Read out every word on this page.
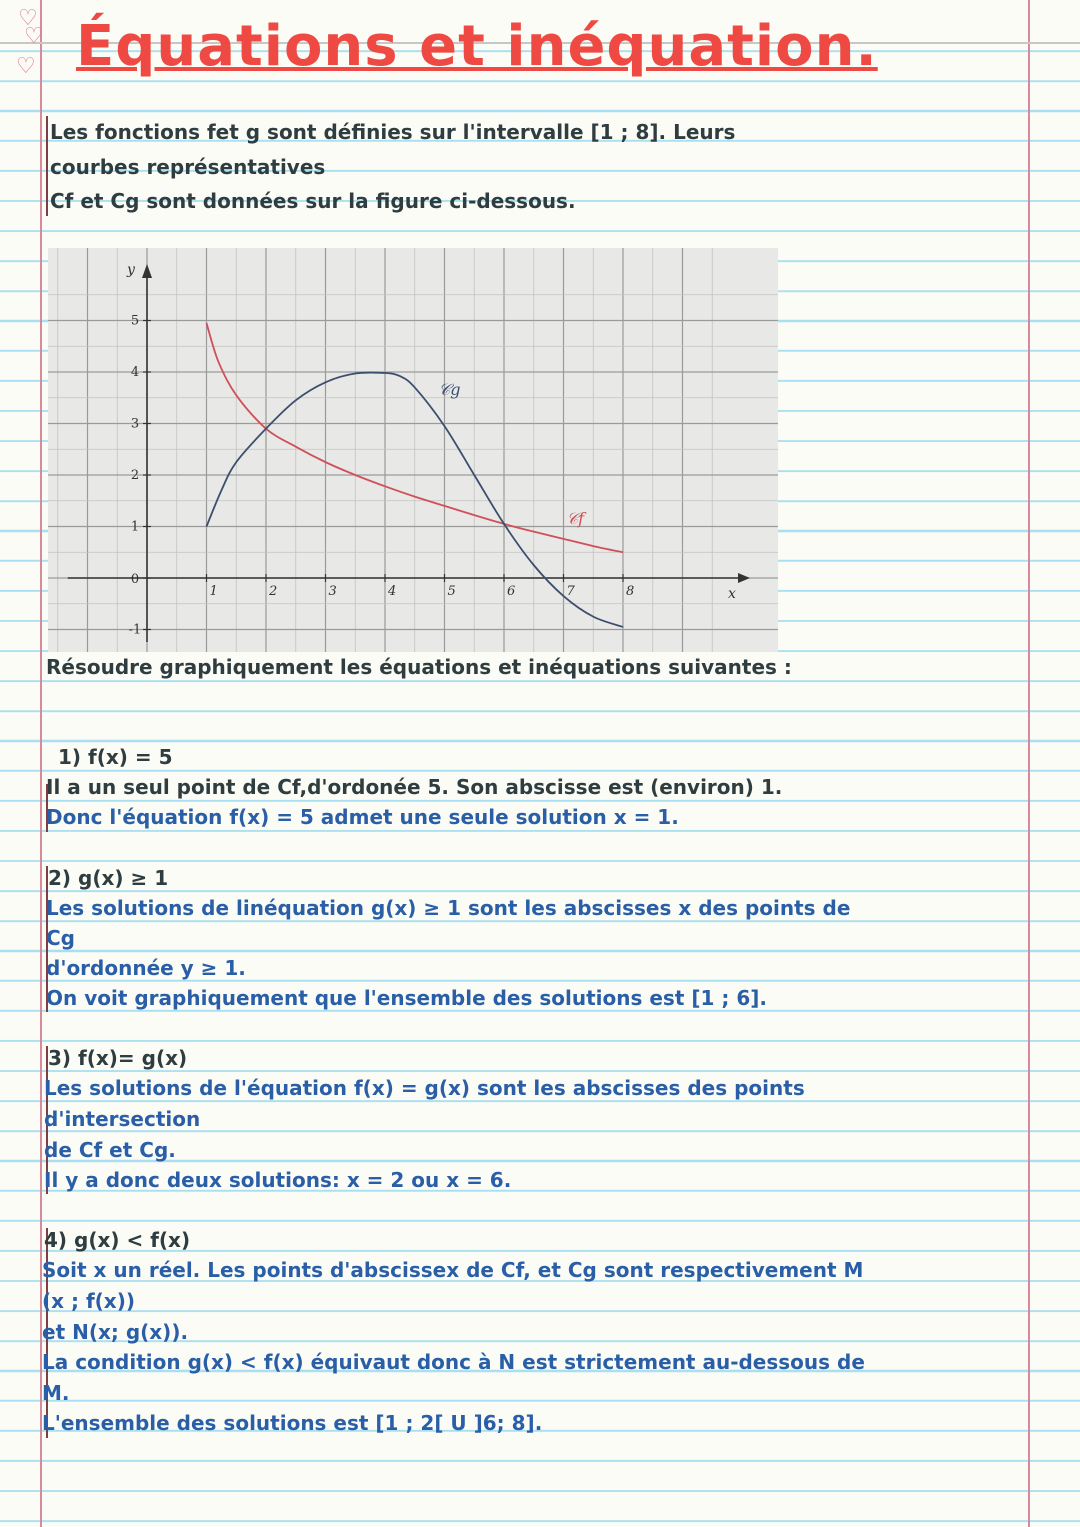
♡
♡
♡ Équations et inéquation.

Les fonctions fet g sont définies sur l'intervalle [1 ; 8]. Leurs

courbes représentatives

Cf et Cg sont données sur la figure ci-dessous.

1	2	3	4	5	6	7	8
5
4
3
2
1
0
-1
𝒞f
𝒞g
x
y

Résoudre graphiquement les équations et inéquations suivantes :

1) f(x) = 5

Il a un seul point de Cf,d'ordonée 5. Son abscisse est (environ) 1.

Donc l'équation f(x) = 5 admet une seule solution x = 1.

2) g(x) ≥ 1

Les solutions de linéquation g(x) ≥ 1 sont les abscisses x des points de

Cg

d'ordonnée y ≥ 1.

On voit graphiquement que l'ensemble des solutions est [1 ; 6].

3) f(x)= g(x)

Les solutions de l'équation f(x) = g(x) sont les abscisses des points

d'intersection

de Cf et Cg.

Il y a donc deux solutions: x = 2 ou x = 6.

4) g(x) < f(x)

Soit x un réel. Les points d'abscissex de Cf, et Cg sont respectivement M

(x ; f(x))

et N(x; g(x)).

La condition g(x) < f(x) équivaut donc à N est strictement au-dessous de

M.

L'ensemble des solutions est [1 ; 2[ U ]6; 8].
